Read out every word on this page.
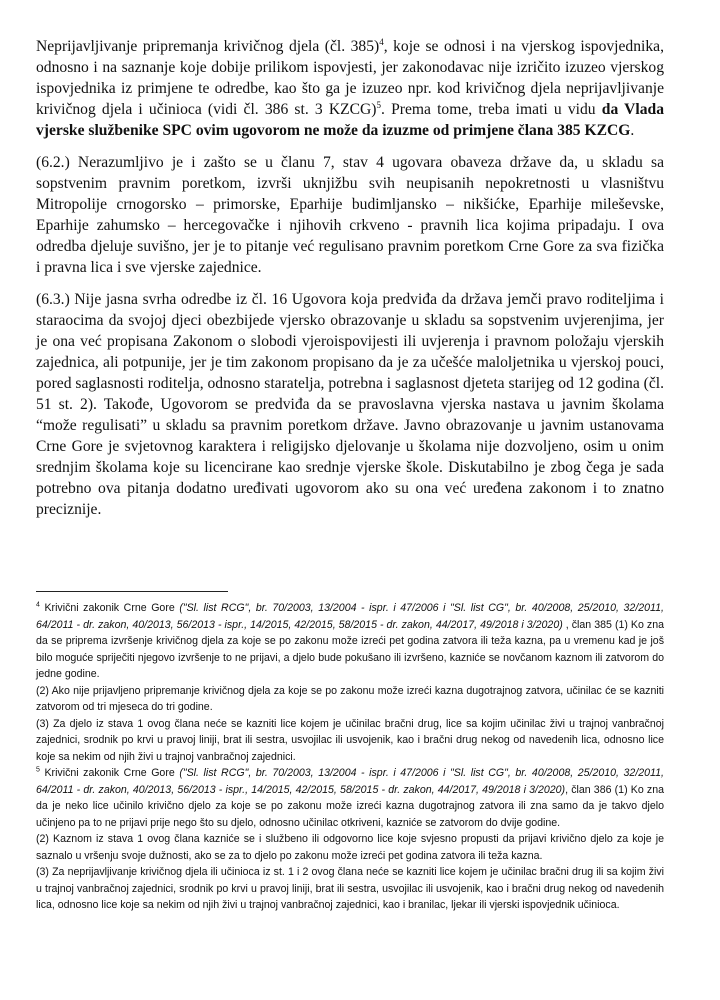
Neprijavljivanje pripremanja krivičnog djela (čl. 385)$^4$, koje se odnosi i na vjerskog ispovjednika, odnosno i na saznanje koje dobije prilikom ispovjesti, jer zakonodavac nije izričito izuzeo vjerskog ispovjednika iz primjene te odredbe, kao što ga je izuzeo npr. kod krivičnog djela neprijavljivanje krivičnog djela i učinioca (vidi čl. 386 st. 3 KZCG)$^5$. Prema tome, treba imati u vidu da Vlada vjerske službenike SPC ovim ugovorom ne može da izuzme od primjene člana 385 KZCG.

(6.2.) Nerazumljivo je i zašto se u članu 7, stav 4 ugovara obaveza države da, u skladu sa sopstvenim pravnim poretkom, izvrši uknjižbu svih neupisanih nepokretnosti u vlasništvu Mitropolije crnogorsko – primorske, Eparhije budimljansko – nikšićke, Eparhije mileševske, Eparhije zahumsko – hercegovačke i njihovih crkveno - pravnih lica kojima pripadaju. I ova odredba djeluje suvišno, jer je to pitanje već regulisano pravnim poretkom Crne Gore za sva fizička i pravna lica i sve vjerske zajednice.

(6.3.) Nije jasna svrha odredbe iz čl. 16 Ugovora koja predviđa da država jemči pravo roditeljima i staraocima da svojoj djeci obezbijede vjersko obrazovanje u skladu sa sopstvenim uvjerenjima, jer je ona već propisana Zakonom o slobodi vjeroispovijesti ili uvjerenja i pravnom položaju vjerskih zajednica, ali potpunije, jer je tim zakonom propisano da je za učešće maloljetnika u vjerskoj pouci, pored saglasnosti roditelja, odnosno staratelja, potrebna i saglasnost djeteta starijeg od 12 godina (čl. 51 st. 2). Takođe, Ugovorom se predviđa da se pravoslavna vjerska nastava u javnim školama “može regulisati” u skladu sa pravnim poretkom države. Javno obrazovanje u javnim ustanovama Crne Gore je svjetovnog karaktera i religijsko djelovanje u školama nije dozvoljeno, osim u onim srednjim školama koje su licencirane kao srednje vjerske škole. Diskutabilno je zbog čega je sada potrebno ova pitanja dodatno uređivati ugovorom ako su ona već uređena zakonom i to znatno preciznije.

$^4$ Krivični zakonik Crne Gore ("Sl. list RCG", br. 70/2003, 13/2004 - ispr. i 47/2006 i "Sl. list CG", br. 40/2008, 25/2010, 32/2011, 64/2011 - dr. zakon, 40/2013, 56/2013 - ispr., 14/2015, 42/2015, 58/2015 - dr. zakon, 44/2017, 49/2018 i 3/2020) , član 385 (1) Ko zna da se priprema izvršenje krivičnog djela za koje se po zakonu može izreći pet godina zatvora ili teža kazna, pa u vremenu kad je još bilo moguće spriječiti njegovo izvršenje to ne prijavi, a djelo bude pokušano ili izvršeno, kazniće se novčanom kaznom ili zatvorom do jedne godine.

(2) Ako nije prijavljeno pripremanje krivičnog djela za koje se po zakonu može izreći kazna dugotrajnog zatvora, učinilac će se kazniti zatvorom od tri mjeseca do tri godine.

(3) Za djelo iz stava 1 ovog člana neće se kazniti lice kojem je učinilac bračni drug, lice sa kojim učinilac živi u trajnoj vanbračnoj zajednici, srodnik po krvi u pravoj liniji, brat ili sestra, usvojilac ili usvojenik, kao i bračni drug nekog od navedenih lica, odnosno lice koje sa nekim od njih živi u trajnoj vanbračnoj zajednici.

$^5$ Krivični zakonik Crne Gore ("Sl. list RCG", br. 70/2003, 13/2004 - ispr. i 47/2006 i "Sl. list CG", br. 40/2008, 25/2010, 32/2011, 64/2011 - dr. zakon, 40/2013, 56/2013 - ispr., 14/2015, 42/2015, 58/2015 - dr. zakon, 44/2017, 49/2018 i 3/2020), član 386 (1) Ko zna da je neko lice učinilo krivično djelo za koje se po zakonu može izreći kazna dugotrajnog zatvora ili zna samo da je takvo djelo učinjeno pa to ne prijavi prije nego što su djelo, odnosno učinilac otkriveni, kazniće se zatvorom do dvije godine.

(2) Kaznom iz stava 1 ovog člana kazniće se i službeno ili odgovorno lice koje svjesno propusti da prijavi krivično djelo za koje je saznalo u vršenju svoje dužnosti, ako se za to djelo po zakonu može izreći pet godina zatvora ili teža kazna.

(3) Za neprijavljivanje krivičnog djela ili učinioca iz st. 1 i 2 ovog člana neće se kazniti lice kojem je učinilac bračni drug ili sa kojim živi u trajnoj vanbračnoj zajednici, srodnik po krvi u pravoj liniji, brat ili sestra, usvojilac ili usvojenik, kao i bračni drug nekog od navedenih lica, odnosno lice koje sa nekim od njih živi u trajnoj vanbračnoj zajednici, kao i branilac, ljekar ili vjerski ispovjednik učinioca.
